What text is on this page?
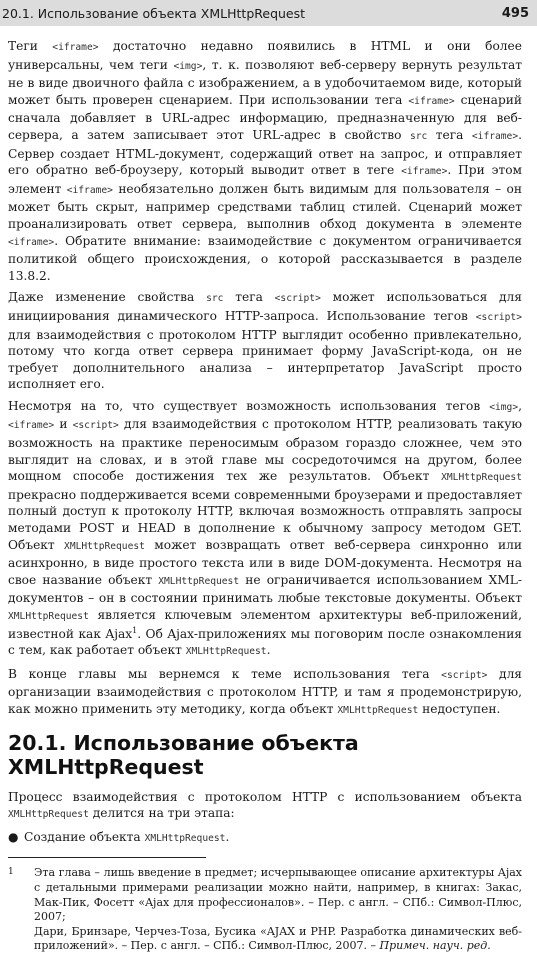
20.1. Использование объекта XMLHttpRequest	495

Теги <iframe> достаточно недавно появились в HTML и они более универсальны, чем теги <img>, т. к. позволяют веб-серверу вернуть результат не в виде двоичного файла с изображением, а в удобочитаемом виде, который может быть проверен сценарием. При использовании тега <iframe> сценарий сначала добавляет в URL-адрес информацию, предназначенную для веб-сервера, а затем записывает этот URL-адрес в свойство src тега <iframe>. Сервер создает HTML-документ, содержащий ответ на запрос, и отправляет его обратно веб-броузеру, который выводит ответ в теге <iframe>. При этом элемент <iframe> необязательно должен быть видимым для пользователя – он может быть скрыт, например средствами таблиц стилей. Сценарий может проанализировать ответ сервера, выполнив обход документа в элементе <iframe>. Обратите внимание: взаимодействие с документом ограничивается политикой общего происхождения, о которой рассказывается в разделе 13.8.2.

Даже изменение свойства src тега <script> может использоваться для инициирования динамического HTTP-запроса. Использование тегов <script> для взаимодействия с протоколом HTTP выглядит особенно привлекательно, потому что когда ответ сервера принимает форму JavaScript-кода, он не требует дополнительного анализа – интерпретатор JavaScript просто исполняет его.

Несмотря на то, что существует возможность использования тегов <img>, <iframe> и <script> для взаимодействия с протоколом HTTP, реализовать такую возможность на практике переносимым образом гораздо сложнее, чем это выглядит на словах, и в этой главе мы сосредоточимся на другом, более мощном способе достижения тех же результатов. Объект XMLHttpRequest прекрасно поддерживается всеми современными броузерами и предоставляет полный доступ к протоколу HTTP, включая возможность отправлять запросы методами POST и HEAD в дополнение к обычному запросу методом GET. Объект XMLHttpRequest может возвращать ответ веб-сервера синхронно или асинхронно, в виде простого текста или в виде DOM-документа. Несмотря на свое название объект XMLHttpRequest не ограничивается использованием XML-документов – он в состоянии принимать любые текстовые документы. Объект XMLHttpRequest является ключевым элементом архитектуры веб-приложений, известной как Ajax$^1$. Об Ajax-приложениях мы поговорим после ознакомления с тем, как работает объект XMLHttpRequest.

В конце главы мы вернемся к теме использования тега <script> для организации взаимодействия с протоколом HTTP, и там я продемонстрирую, как можно применить эту методику, когда объект XMLHttpRequest недоступен.

20.1. Использование объекта XMLHttpRequest

Процесс взаимодействия с протоколом HTTP с использованием объекта XMLHttpRequest делится на три этапа:

● Создание объекта XMLHttpRequest.
1	Эта глава – лишь введение в предмет; исчерпывающее описание архитектуры Ajax с детальными примерами реализации можно найти, например, в книгах: Закас, Мак-Пик, Фосетт «Ajax для профессионалов». – Пер. с англ. – СПб.: Символ-Плюс, 2007;

Дари, Бринзаре, Черчез-Тоза, Бусика «AJAX и PHP. Разработка динамических веб-приложений». – Пер. с англ. – СПб.: Символ-Плюс, 2007. – Примеч. науч. ред.
